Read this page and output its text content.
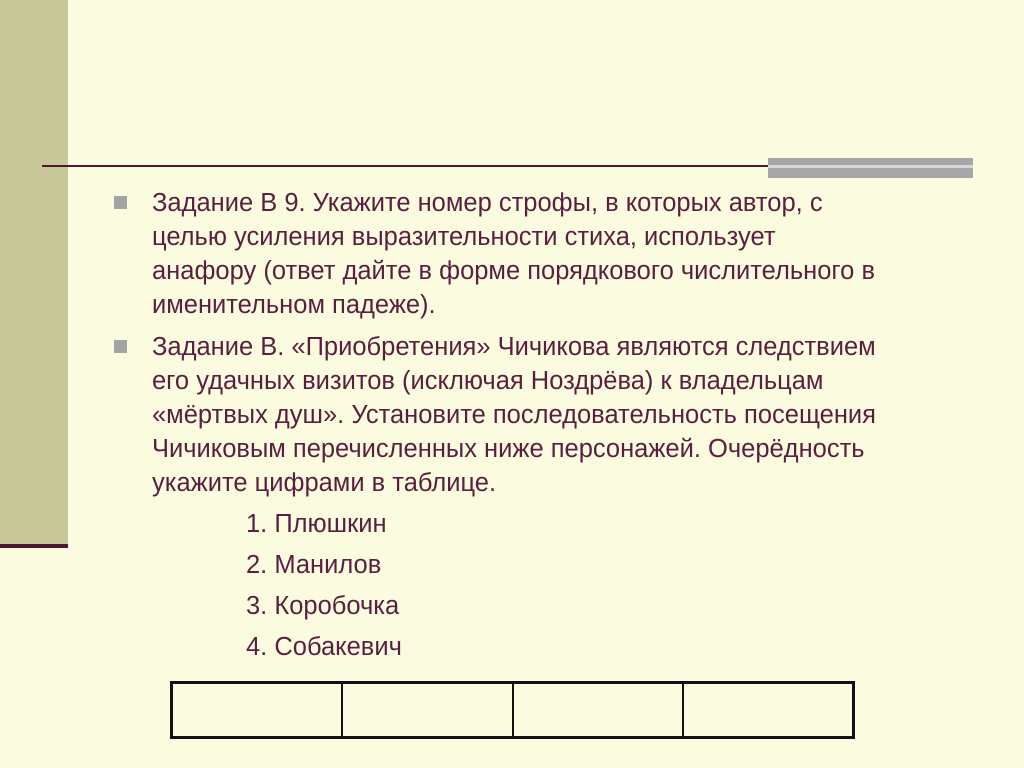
Задание В 9. Укажите номер строфы, в которых автор, с
целью усиления выразительности стиха, использует
анафору (ответ дайте в форме порядкового числительного в
именительном падеже).

Задание В. «Приобретения» Чичикова являются следствием
его удачных визитов (исключая Ноздрёва) к владельцам
«мёртвых душ». Установите последовательность посещения
Чичиковым перечисленных ниже персонажей. Очерёдность
укажите цифрами в таблице.

1. Плюшкин

2. Манилов

3. Коробочка

4. Собакевич
